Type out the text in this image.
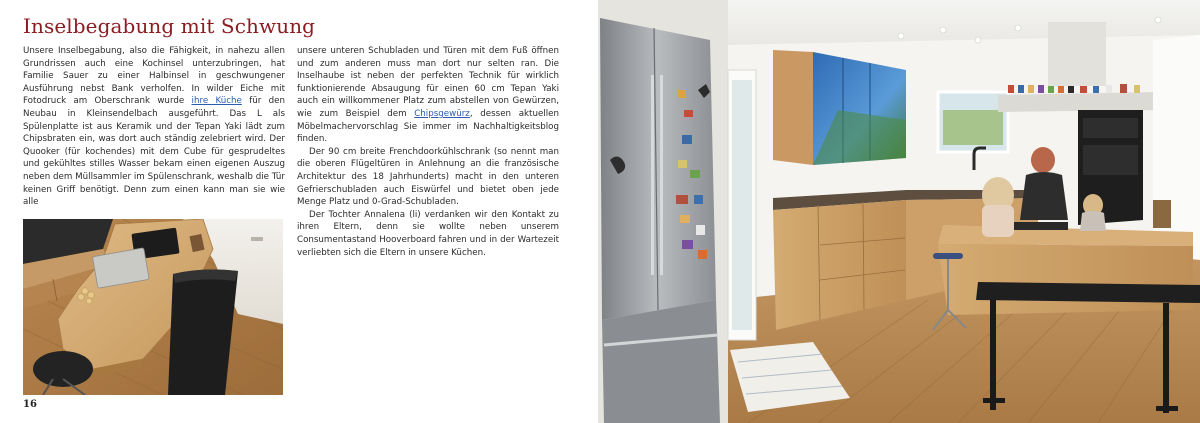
Inselbegabung mit Schwung

Unsere Inselbegabung, also die Fähigkeit, in nahezu allen Grundrissen auch eine Kochinsel unterzubringen, hat Familie Sauer zu einer Halbinsel in geschwungener Ausführung nebst Bank verholfen. In wilder Eiche mit Fotodruck am Oberschrank wurde ihre Küche für den Neubau in Kleinsendelbach ausgeführt. Das L als Spülenplatte ist aus Keramik und der Tepan Yaki lädt zum Chipsbraten ein, was dort auch ständig zelebriert wird. Der Quooker (für kochendes) mit dem Cube für gesprudeltes und gekühltes stilles Wasser bekam einen eigenen Auszug neben dem Müllsammler im Spülenschrank, weshalb die Tür keinen Griff benötigt. Denn zum einen kann man sie wie alle

unsere unteren Schubladen und Türen mit dem Fuß öffnen und zum anderen muss man dort nur selten ran. Die Inselhaube ist neben der perfekten Technik für wirklich funktionierende Absaugung für einen 60 cm Tepan Yaki auch ein willkommener Platz zum abstellen von Gewürzen, wie zum Beispiel dem Chipsgewürz, dessen aktuellen Möbelmachervorschlag Sie immer im Nachhaltigkeitsblog finden.

Der 90 cm breite Frenchdoorkühlschrank (so nennt man die oberen Flügeltüren in Anlehnung an die französische Architektur des 18 Jahrhunderts) macht in den unteren Gefrierschubladen auch Eiswürfel und bietet oben jede Menge Platz und 0-Grad-Schubladen.

Der Tochter Annalena (li) verdanken wir den Kontakt zu ihren Eltern, denn sie wollte neben unserem Consumentastand Hooverboard fahren und in der Wartezeit verliebten sich die Eltern in unsere Küchen.

16
